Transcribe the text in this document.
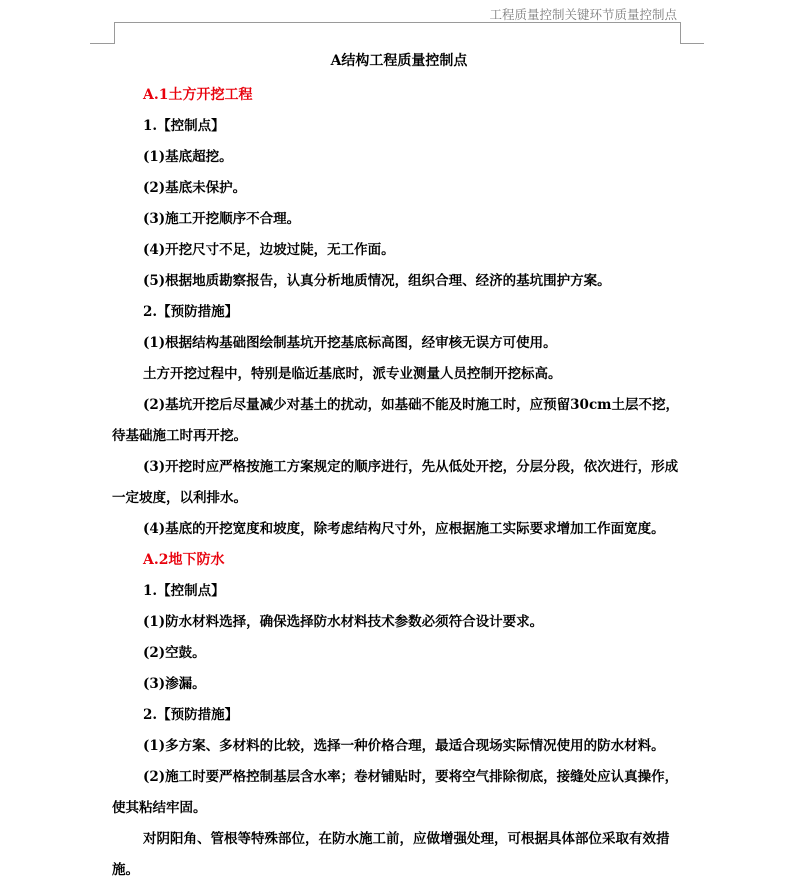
工程质量控制关键环节质量控制点
A结构工程质量控制点
A.1土方开挖工程
1.【控制点】
(1)基底超挖。
(2)基底未保护。
(3)施工开挖顺序不合理。
(4)开挖尺寸不足，边坡过陡，无工作面。
(5)根据地质勘察报告，认真分析地质情况，组织合理、经济的基坑围护方案。
2.【预防措施】
(1)根据结构基础图绘制基坑开挖基底标高图，经审核无误方可使用。
土方开挖过程中，特别是临近基底时，派专业测量人员控制开挖标高。
(2)基坑开挖后尽量减少对基土的扰动，如基础不能及时施工时，应预留30cm土层不挖，待基础施工时再开挖。
(3)开挖时应严格按施工方案规定的顺序进行，先从低处开挖，分层分段，依次进行，形成一定坡度，以利排水。
(4)基底的开挖宽度和坡度，除考虑结构尺寸外，应根据施工实际要求增加工作面宽度。
A.2地下防水
1.【控制点】
(1)防水材料选择，确保选择防水材料技术参数必须符合设计要求。
(2)空鼓。
(3)渗漏。
2.【预防措施】
(1)多方案、多材料的比较，选择一种价格合理，最适合现场实际情况使用的防水材料。
(2)施工时要严格控制基层含水率；卷材铺贴时，要将空气排除彻底，接缝处应认真操作，使其粘结牢固。
对阴阳角、管根等特殊部位，在防水施工前，应做增强处理，可根据具体部位采取有效措施。
